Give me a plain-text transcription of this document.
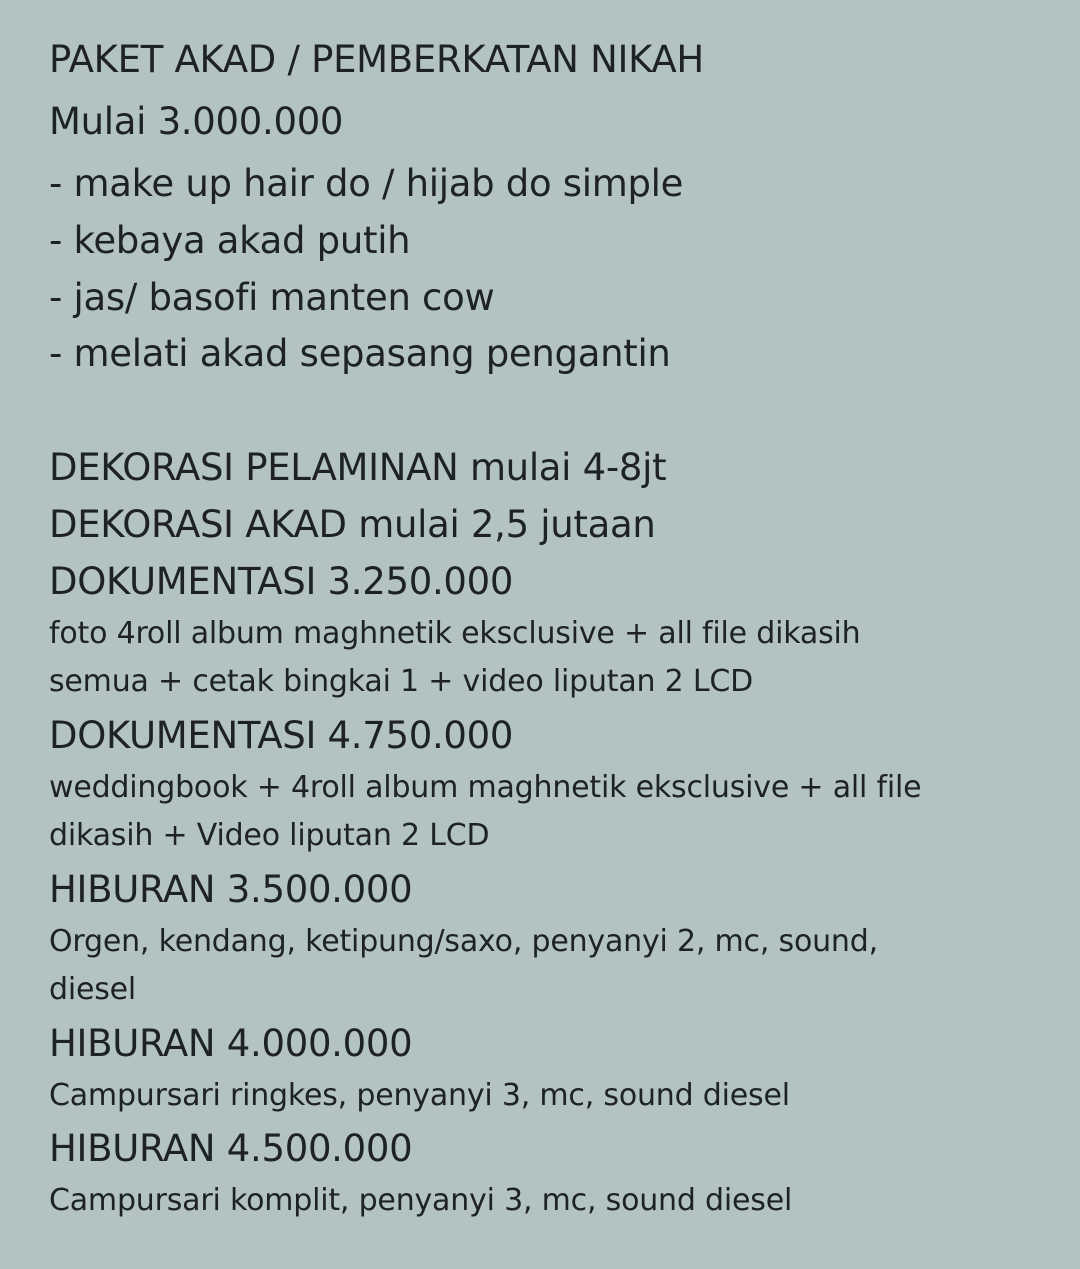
PAKET AKAD / PEMBERKATAN NIKAH

Mulai 3.000.000

- make up hair do / hijab do simple

- kebaya akad putih

- jas/ basofi manten cow

- melati akad sepasang pengantin

DEKORASI PELAMINAN mulai 4-8jt

DEKORASI AKAD mulai 2,5 jutaan

DOKUMENTASI 3.250.000

foto 4roll album maghnetik eksclusive + all file dikasih

semua + cetak bingkai 1 + video liputan 2 LCD

DOKUMENTASI 4.750.000

weddingbook + 4roll album maghnetik eksclusive + all file

dikasih + Video liputan 2 LCD

HIBURAN 3.500.000

Orgen, kendang, ketipung/saxo, penyanyi 2, mc, sound,

diesel

HIBURAN 4.000.000

Campursari ringkes, penyanyi 3, mc, sound diesel

HIBURAN 4.500.000

Campursari komplit, penyanyi 3, mc, sound diesel
